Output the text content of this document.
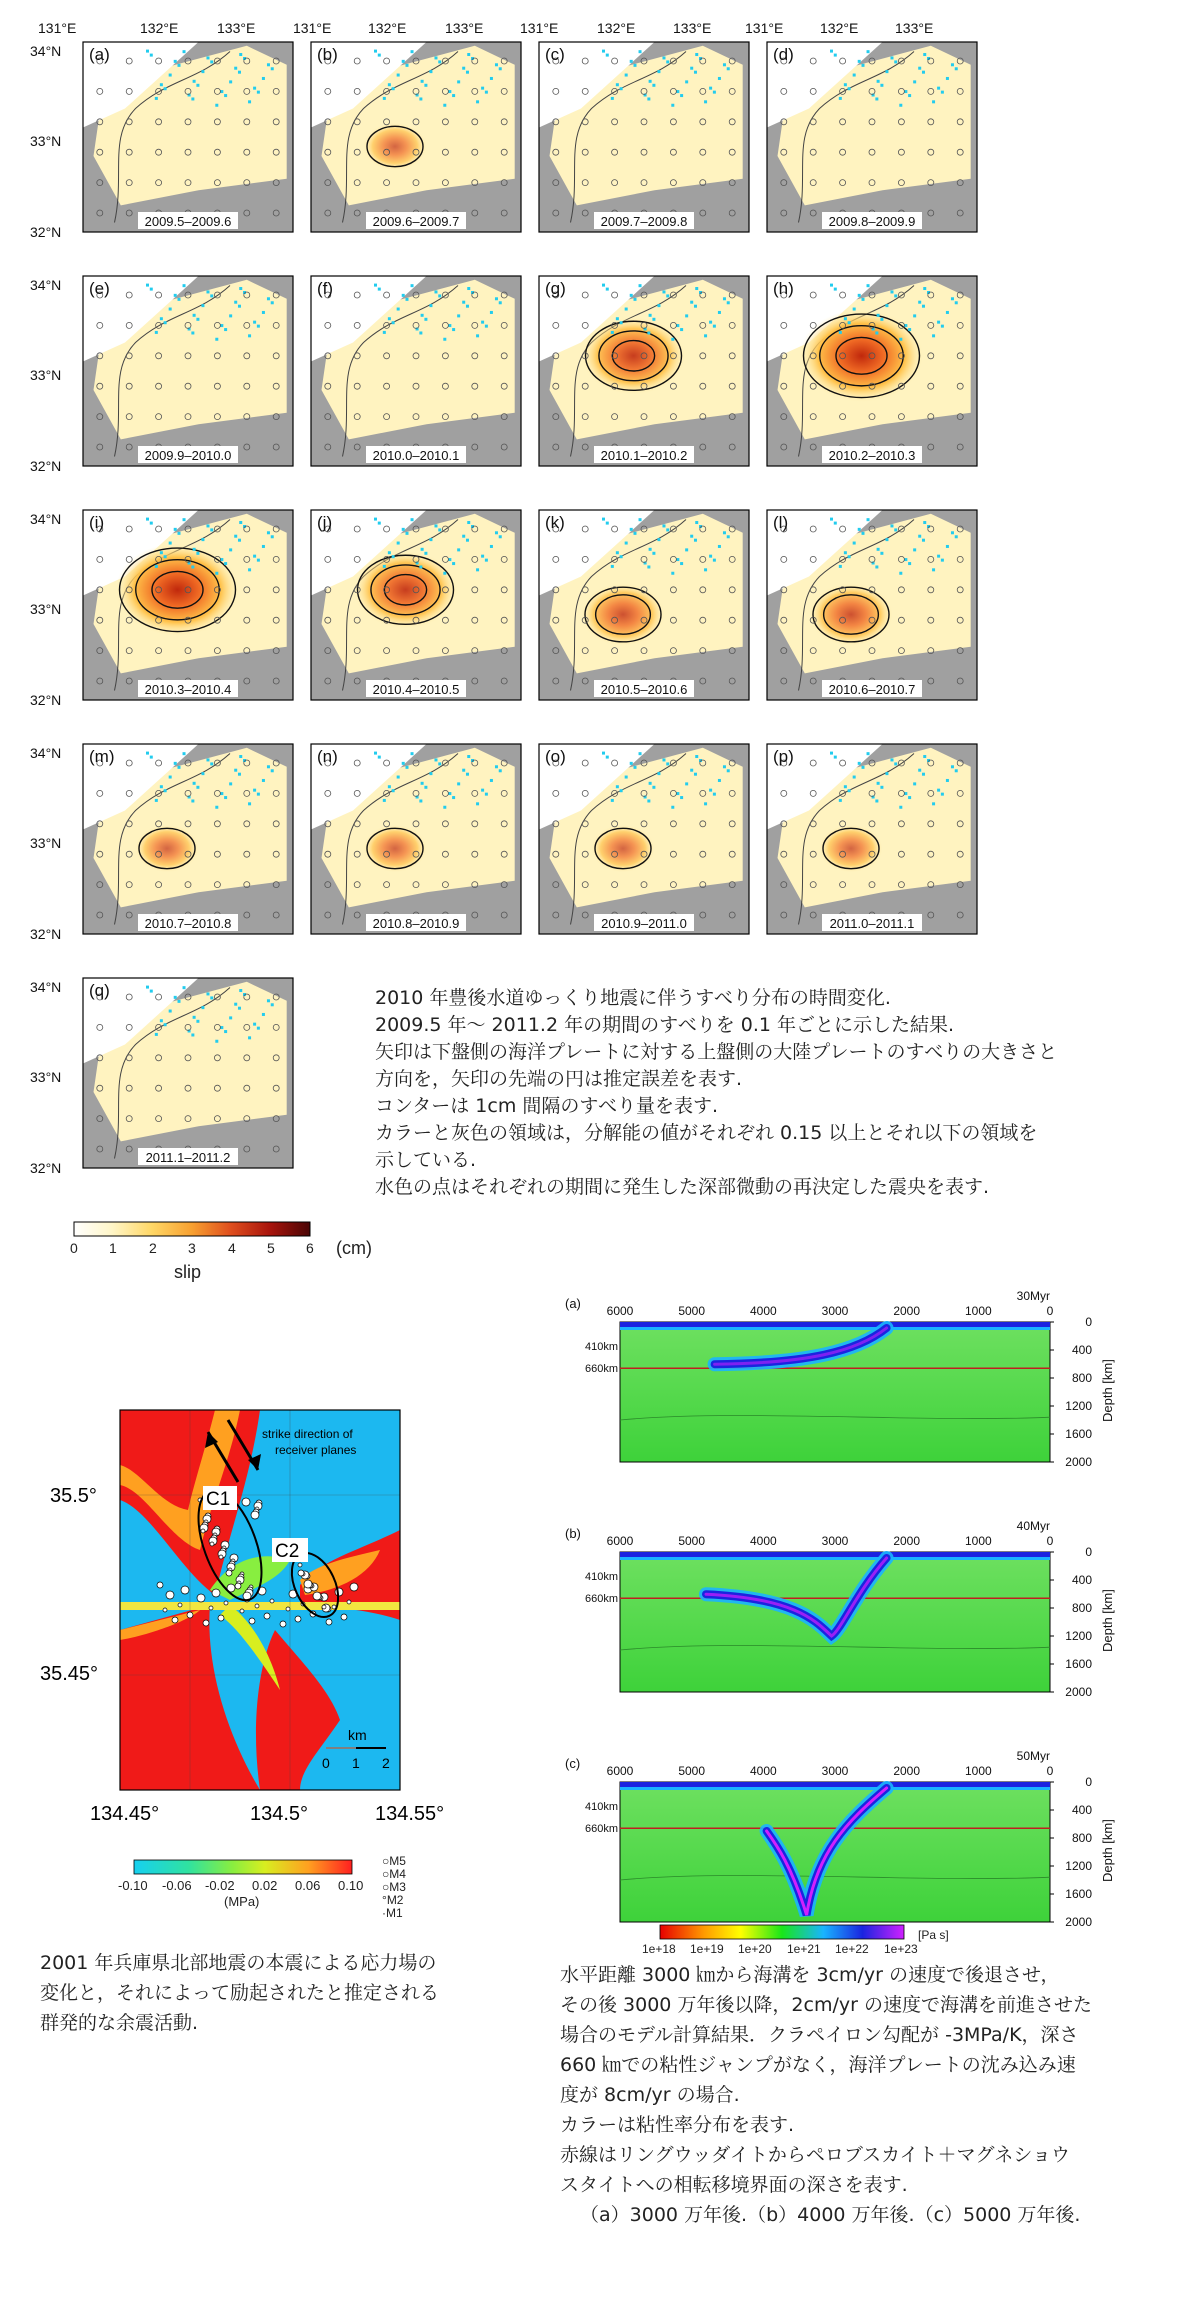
(a)
2009.5–2009.6
(b)
2009.6–2009.7
(c)
2009.7–2009.8
(d)
2009.8–2009.9
(e)
2009.9–2010.0
(f)
2010.0–2010.1
(g)
2010.1–2010.2
(h)
2010.2–2010.3
(i)
2010.3–2010.4
(j)
2010.4–2010.5
(k)
2010.5–2010.6
(l)
2010.6–2010.7
(m)
2010.7–2010.8
(n)
2010.8–2010.9
(o)
2010.9–2011.0
(p)
2011.0–2011.1
(q)
2011.1–2011.2
131°E	132°E	133°E	131°E	132°E	133°E	131°E	132°E	133°E 131°E	132°E	133°E
34°N
33°N
32°N
34°N
33°N
32°N
34°N
33°N
32°N
34°N
33°N
32°N
34°N
33°N
32°N
0 1 2 3 4 5 6 (cm)
slip
2010 年豊後水道ゆっくり地震に伴うすべり分布の時間変化.
2009.5 年～ 2011.2 年の期間のすべりを 0.1 年ごとに示した結果.
矢印は下盤側の海洋プレートに対する上盤側の大陸プレートのすべりの大きさと
方向を，矢印の先端の円は推定誤差を表す.
コンターは 1cm 間隔のすべり量を表す.
カラーと灰色の領域は，分解能の値がそれぞれ 0.15 以上とそれ以下の領域を
示している.
水色の点はそれぞれの期間に発生した深部微動の再決定した震央を表す.
C1
C2
strike direction of
receiver planes
km
0 1 2
35.5°
35.45°
134.45°	134.5°	134.55°
-0.10 -0.06 -0.02 0.02 0.06 0.10
(MPa)
○M5
○M4
○M3
°M2
·M1
2001 年兵庫県北部地震の本震による応力場の
変化と，それによって励起されたと推定される
群発的な余震活動.
(a)	30Myr
6000	5000	4000	3000	2000	1000	0
410km
660km
0
400
800
1200
1600
2000
Depth [km]
(b)	40Myr
6000	5000	4000	3000	2000	1000	0
410km
660km
0
400
800
1200
1600
2000
Depth [km]
(c)	50Myr
6000	5000	4000	3000	2000	1000	0
410km
660km
0
400
800
1200
1600
2000
Depth [km]
1e+18 1e+19 1e+20 1e+21 1e+22 1e+23
[Pa s]
水平距離 3000 ㎞から海溝を 3cm/yr の速度で後退させ，
その後 3000 万年後以降，2cm/yr の速度で海溝を前進させた
場合のモデル計算結果．クラペイロン勾配が -3MPa/K，深さ
660 ㎞での粘性ジャンプがなく，海洋プレートの沈み込み速
度が 8cm/yr の場合.
カラーは粘性率分布を表す.
赤線はリングウッダイトからペロブスカイト＋マグネショウ
スタイトへの相転移境界面の深さを表す.
（a）3000 万年後.（b）4000 万年後.（c）5000 万年後.
